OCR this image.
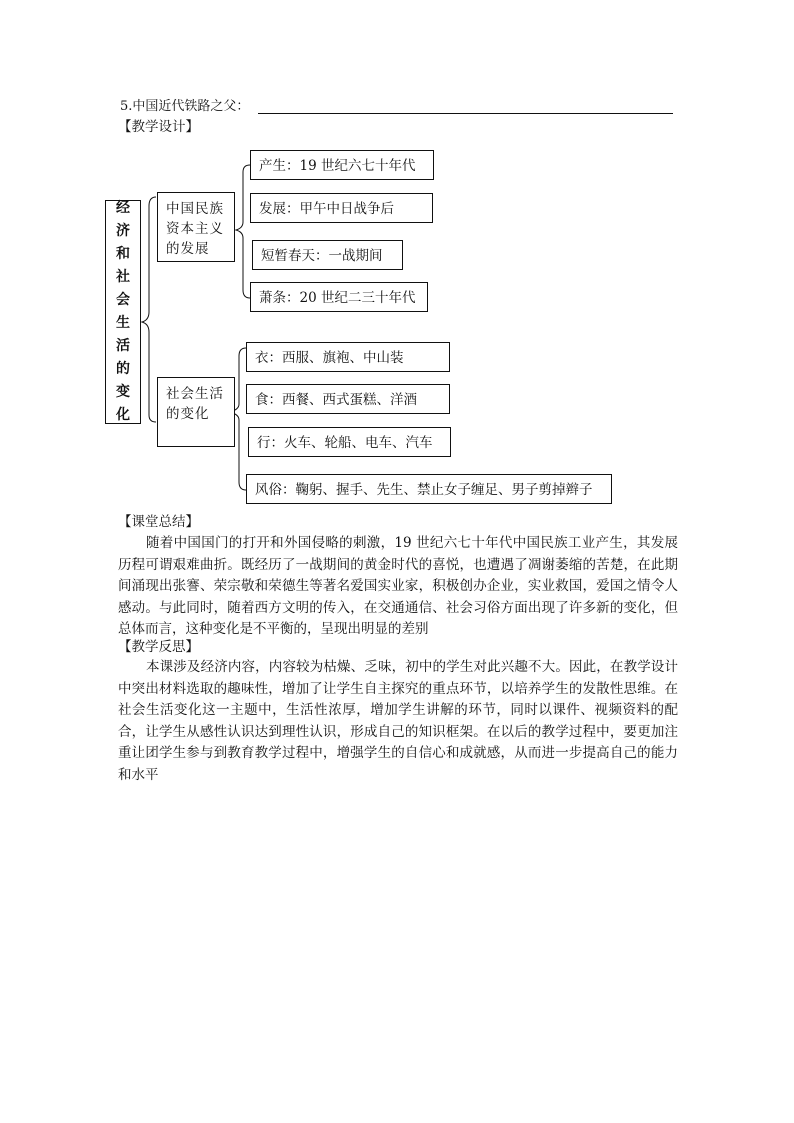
5.中国近代铁路之父：
【教学设计】
经济和社会生活的变化
中国民族资本主义的发展
社会生活的变化
产生：19 世纪六七十年代
发展：甲午中日战争后
短暂春天：一战期间
萧条：20 世纪二三十年代
衣：西服、旗袍、中山装
食：西餐、西式蛋糕、洋酒
行：火车、轮船、电车、汽车
风俗：鞠躬、握手、先生、禁止女子缠足、男子剪掉辫子
【课堂总结】
随着中国国门的打开和外国侵略的刺激，19 世纪六七十年代中国民族工业产生，其发展历程可谓艰难曲折。既经历了一战期间的黄金时代的喜悦，也遭遇了凋谢萎缩的苦楚，在此期间涌现出张謇、荣宗敬和荣德生等著名爱国实业家，积极创办企业，实业救国，爱国之情令人感动。与此同时，随着西方文明的传入，在交通通信、社会习俗方面出现了许多新的变化，但总体而言，这种变化是不平衡的，呈现出明显的差别
【教学反思】
本课涉及经济内容，内容较为枯燥、乏味，初中的学生对此兴趣不大。因此，在教学设计中突出材料选取的趣味性，增加了让学生自主探究的重点环节，以培养学生的发散性思维。在社会生活变化这一主题中，生活性浓厚，增加学生讲解的环节，同时以课件、视频资料的配合，让学生从感性认识达到理性认识，形成自己的知识框架。在以后的教学过程中，要更加注重让团学生参与到教育教学过程中，增强学生的自信心和成就感，从而进一步提高自己的能力和水平
